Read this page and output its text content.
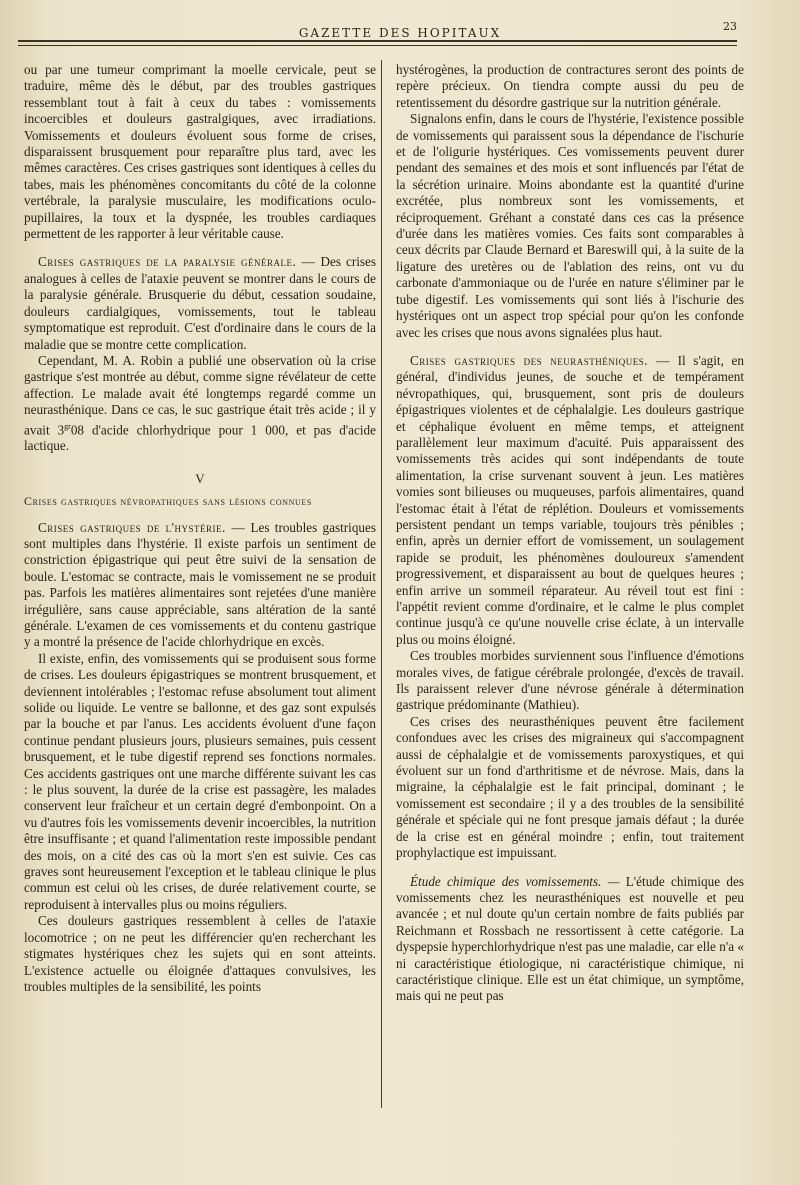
GAZETTE DES HOPITAUX	23

ou par une tumeur comprimant la moelle cervicale, peut se traduire, même dès le début, par des troubles gastriques ressemblant tout à fait à ceux du tabes : vomissements incoercibles et douleurs gastralgiques, avec irradiations. Vomissements et douleurs évoluent sous forme de crises, disparaissent brusquement pour reparaître plus tard, avec les mêmes caractères. Ces crises gastriques sont identiques à celles du tabes, mais les phénomènes concomitants du côté de la colonne vertébrale, la paralysie musculaire, les modifications oculo-pupillaires, la toux et la dyspnée, les troubles cardiaques permettent de les rapporter à leur véritable cause.

Crises gastriques de la paralysie générale. — Des crises analogues à celles de l'ataxie peuvent se montrer dans le cours de la paralysie générale. Brusquerie du début, cessation soudaine, douleurs cardialgiques, vomissements, tout le tableau symptomatique est reproduit. C'est d'ordinaire dans le cours de la maladie que se montre cette complication.

Cependant, M. A. Robin a publié une observation où la crise gastrique s'est montrée au début, comme signe révélateur de cette affection. Le malade avait été longtemps regardé comme un neurasthénique. Dans ce cas, le suc gastrique était très acide ; il y avait $3^{gr}08$ d'acide chlorhydrique pour 1 000, et pas d'acide lactique.

V

Crises gastriques névropathiques sans lésions connues

Crises gastriques de l'hystérie. — Les troubles gastriques sont multiples dans l'hystérie. Il existe parfois un sentiment de constriction épigastrique qui peut être suivi de la sensation de boule. L'estomac se contracte, mais le vomissement ne se produit pas. Parfois les matières alimentaires sont rejetées d'une manière irrégulière, sans cause appréciable, sans altération de la santé générale. L'examen de ces vomissements et du contenu gastrique y a montré la présence de l'acide chlorhydrique en excès.

Il existe, enfin, des vomissements qui se produisent sous forme de crises. Les douleurs épigastriques se montrent brusquement, et deviennent intolérables ; l'estomac refuse absolument tout aliment solide ou liquide. Le ventre se ballonne, et des gaz sont expulsés par la bouche et par l'anus. Les accidents évoluent d'une façon continue pendant plusieurs jours, plusieurs semaines, puis cessent brusquement, et le tube digestif reprend ses fonctions normales. Ces accidents gastriques ont une marche différente suivant les cas : le plus souvent, la durée de la crise est passagère, les malades conservent leur fraîcheur et un certain degré d'embonpoint. On a vu d'autres fois les vomissements devenir incoercibles, la nutrition être insuffisante ; et quand l'alimentation reste impossible pendant des mois, on a cité des cas où la mort s'en est suivie. Ces cas graves sont heureusement l'exception et le tableau clinique le plus commun est celui où les crises, de durée relativement courte, se reproduisent à intervalles plus ou moins réguliers.

Ces douleurs gastriques ressemblent à celles de l'ataxie locomotrice ; on ne peut les différencier qu'en recherchant les stigmates hystériques chez les sujets qui en sont atteints. L'existence actuelle ou éloignée d'attaques convulsives, les troubles multiples de la sensibilité, les points

hystérogènes, la production de contractures seront des points de repère précieux. On tiendra compte aussi du peu de retentissement du désordre gastrique sur la nutrition générale.

Signalons enfin, dans le cours de l'hystérie, l'existence possible de vomissements qui paraissent sous la dépendance de l'ischurie et de l'oligurie hystériques. Ces vomissements peuvent durer pendant des semaines et des mois et sont influencés par l'état de la sécrétion urinaire. Moins abondante est la quantité d'urine excrétée, plus nombreux sont les vomissements, et réciproquement. Gréhant a constaté dans ces cas la présence d'urée dans les matières vomies. Ces faits sont comparables à ceux décrits par Claude Bernard et Bareswill qui, à la suite de la ligature des uretères ou de l'ablation des reins, ont vu du carbonate d'ammoniaque ou de l'urée en nature s'éliminer par le tube digestif. Les vomissements qui sont liés à l'ischurie des hystériques ont un aspect trop spécial pour qu'on les confonde avec les crises que nous avons signalées plus haut.

Crises gastriques des neurasthéniques. — Il s'agit, en général, d'individus jeunes, de souche et de tempérament névropathiques, qui, brusquement, sont pris de douleurs épigastriques violentes et de céphalalgie. Les douleurs gastrique et céphalique évoluent en même temps, et atteignent parallèlement leur maximum d'acuité. Puis apparaissent des vomissements très acides qui sont indépendants de toute alimentation, la crise survenant souvent à jeun. Les matières vomies sont bilieuses ou muqueuses, parfois alimentaires, quand l'estomac était à l'état de réplétion. Douleurs et vomissements persistent pendant un temps variable, toujours très pénibles ; enfin, après un dernier effort de vomissement, un soulagement rapide se produit, les phénomènes douloureux s'amendent progressivement, et disparaissent au bout de quelques heures ; enfin arrive un sommeil réparateur. Au réveil tout est fini : l'appétit revient comme d'ordinaire, et le calme le plus complet continue jusqu'à ce qu'une nouvelle crise éclate, à un intervalle plus ou moins éloigné.

Ces troubles morbides surviennent sous l'influence d'émotions morales vives, de fatigue cérébrale prolongée, d'excès de travail. Ils paraissent relever d'une névrose générale à détermination gastrique prédominante (Mathieu).

Ces crises des neurasthéniques peuvent être facilement confondues avec les crises des migraineux qui s'accompagnent aussi de céphalalgie et de vomissements paroxystiques, et qui évoluent sur un fond d'arthritisme et de névrose. Mais, dans la migraine, la céphalalgie est le fait principal, dominant ; le vomissement est secondaire ; il y a des troubles de la sensibilité générale et spéciale qui ne font presque jamais défaut ; la durée de la crise est en général moindre ; enfin, tout traitement prophylactique est impuissant.

Étude chimique des vomissements. — L'étude chimique des vomissements chez les neurasthéniques est nouvelle et peu avancée ; et nul doute qu'un certain nombre de faits publiés par Reichmann et Rossbach ne ressortissent à cette catégorie. La dyspepsie hyperchlorhydrique n'est pas une maladie, car elle n'a « ni caractéristique étiologique, ni caractéristique chimique, ni caractéristique clinique. Elle est un état chimique, un symptôme, mais qui ne peut pas
